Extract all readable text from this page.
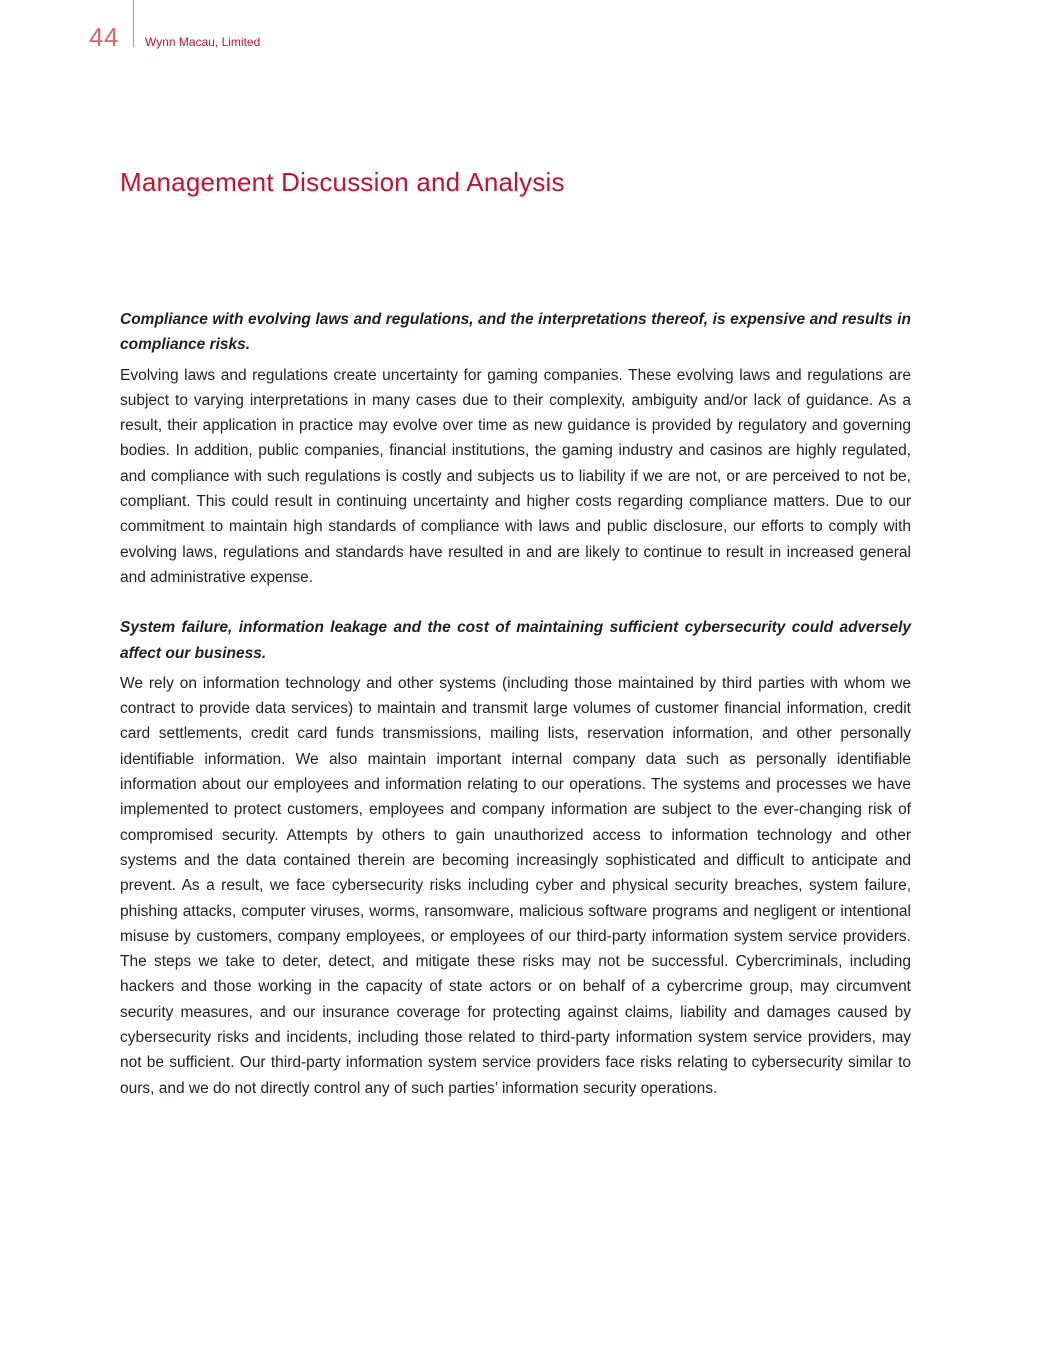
44 Wynn Macau, Limited
Management Discussion and Analysis

Compliance with evolving laws and regulations, and the interpretations thereof, is expensive and results in compliance risks.

Evolving laws and regulations create uncertainty for gaming companies. These evolving laws and regulations are subject to varying interpretations in many cases due to their complexity, ambiguity and/or lack of guidance. As a result, their application in practice may evolve over time as new guidance is provided by regulatory and governing bodies. In addition, public companies, financial institutions, the gaming industry and casinos are highly regulated, and compliance with such regulations is costly and subjects us to liability if we are not, or are perceived to not be, compliant. This could result in continuing uncertainty and higher costs regarding compliance matters. Due to our commitment to maintain high standards of compliance with laws and public disclosure, our efforts to comply with evolving laws, regulations and standards have resulted in and are likely to continue to result in increased general and administrative expense.

System failure, information leakage and the cost of maintaining sufficient cybersecurity could adversely affect our business.

We rely on information technology and other systems (including those maintained by third parties with whom we contract to provide data services) to maintain and transmit large volumes of customer financial information, credit card settlements, credit card funds transmissions, mailing lists, reservation information, and other personally identifiable information. We also maintain important internal company data such as personally identifiable information about our employees and information relating to our operations. The systems and processes we have implemented to protect customers, employees and company information are subject to the ever-changing risk of compromised security. Attempts by others to gain unauthorized access to information technology and other systems and the data contained therein are becoming increasingly sophisticated and difficult to anticipate and prevent. As a result, we face cybersecurity risks including cyber and physical security breaches, system failure, phishing attacks, computer viruses, worms, ransomware, malicious software programs and negligent or intentional misuse by customers, company employees, or employees of our third-party information system service providers. The steps we take to deter, detect, and mitigate these risks may not be successful. Cybercriminals, including hackers and those working in the capacity of state actors or on behalf of a cybercrime group, may circumvent security measures, and our insurance coverage for protecting against claims, liability and damages caused by cybersecurity risks and incidents, including those related to third-party information system service providers, may not be sufficient. Our third-party information system service providers face risks relating to cybersecurity similar to ours, and we do not directly control any of such parties’ information security operations.
